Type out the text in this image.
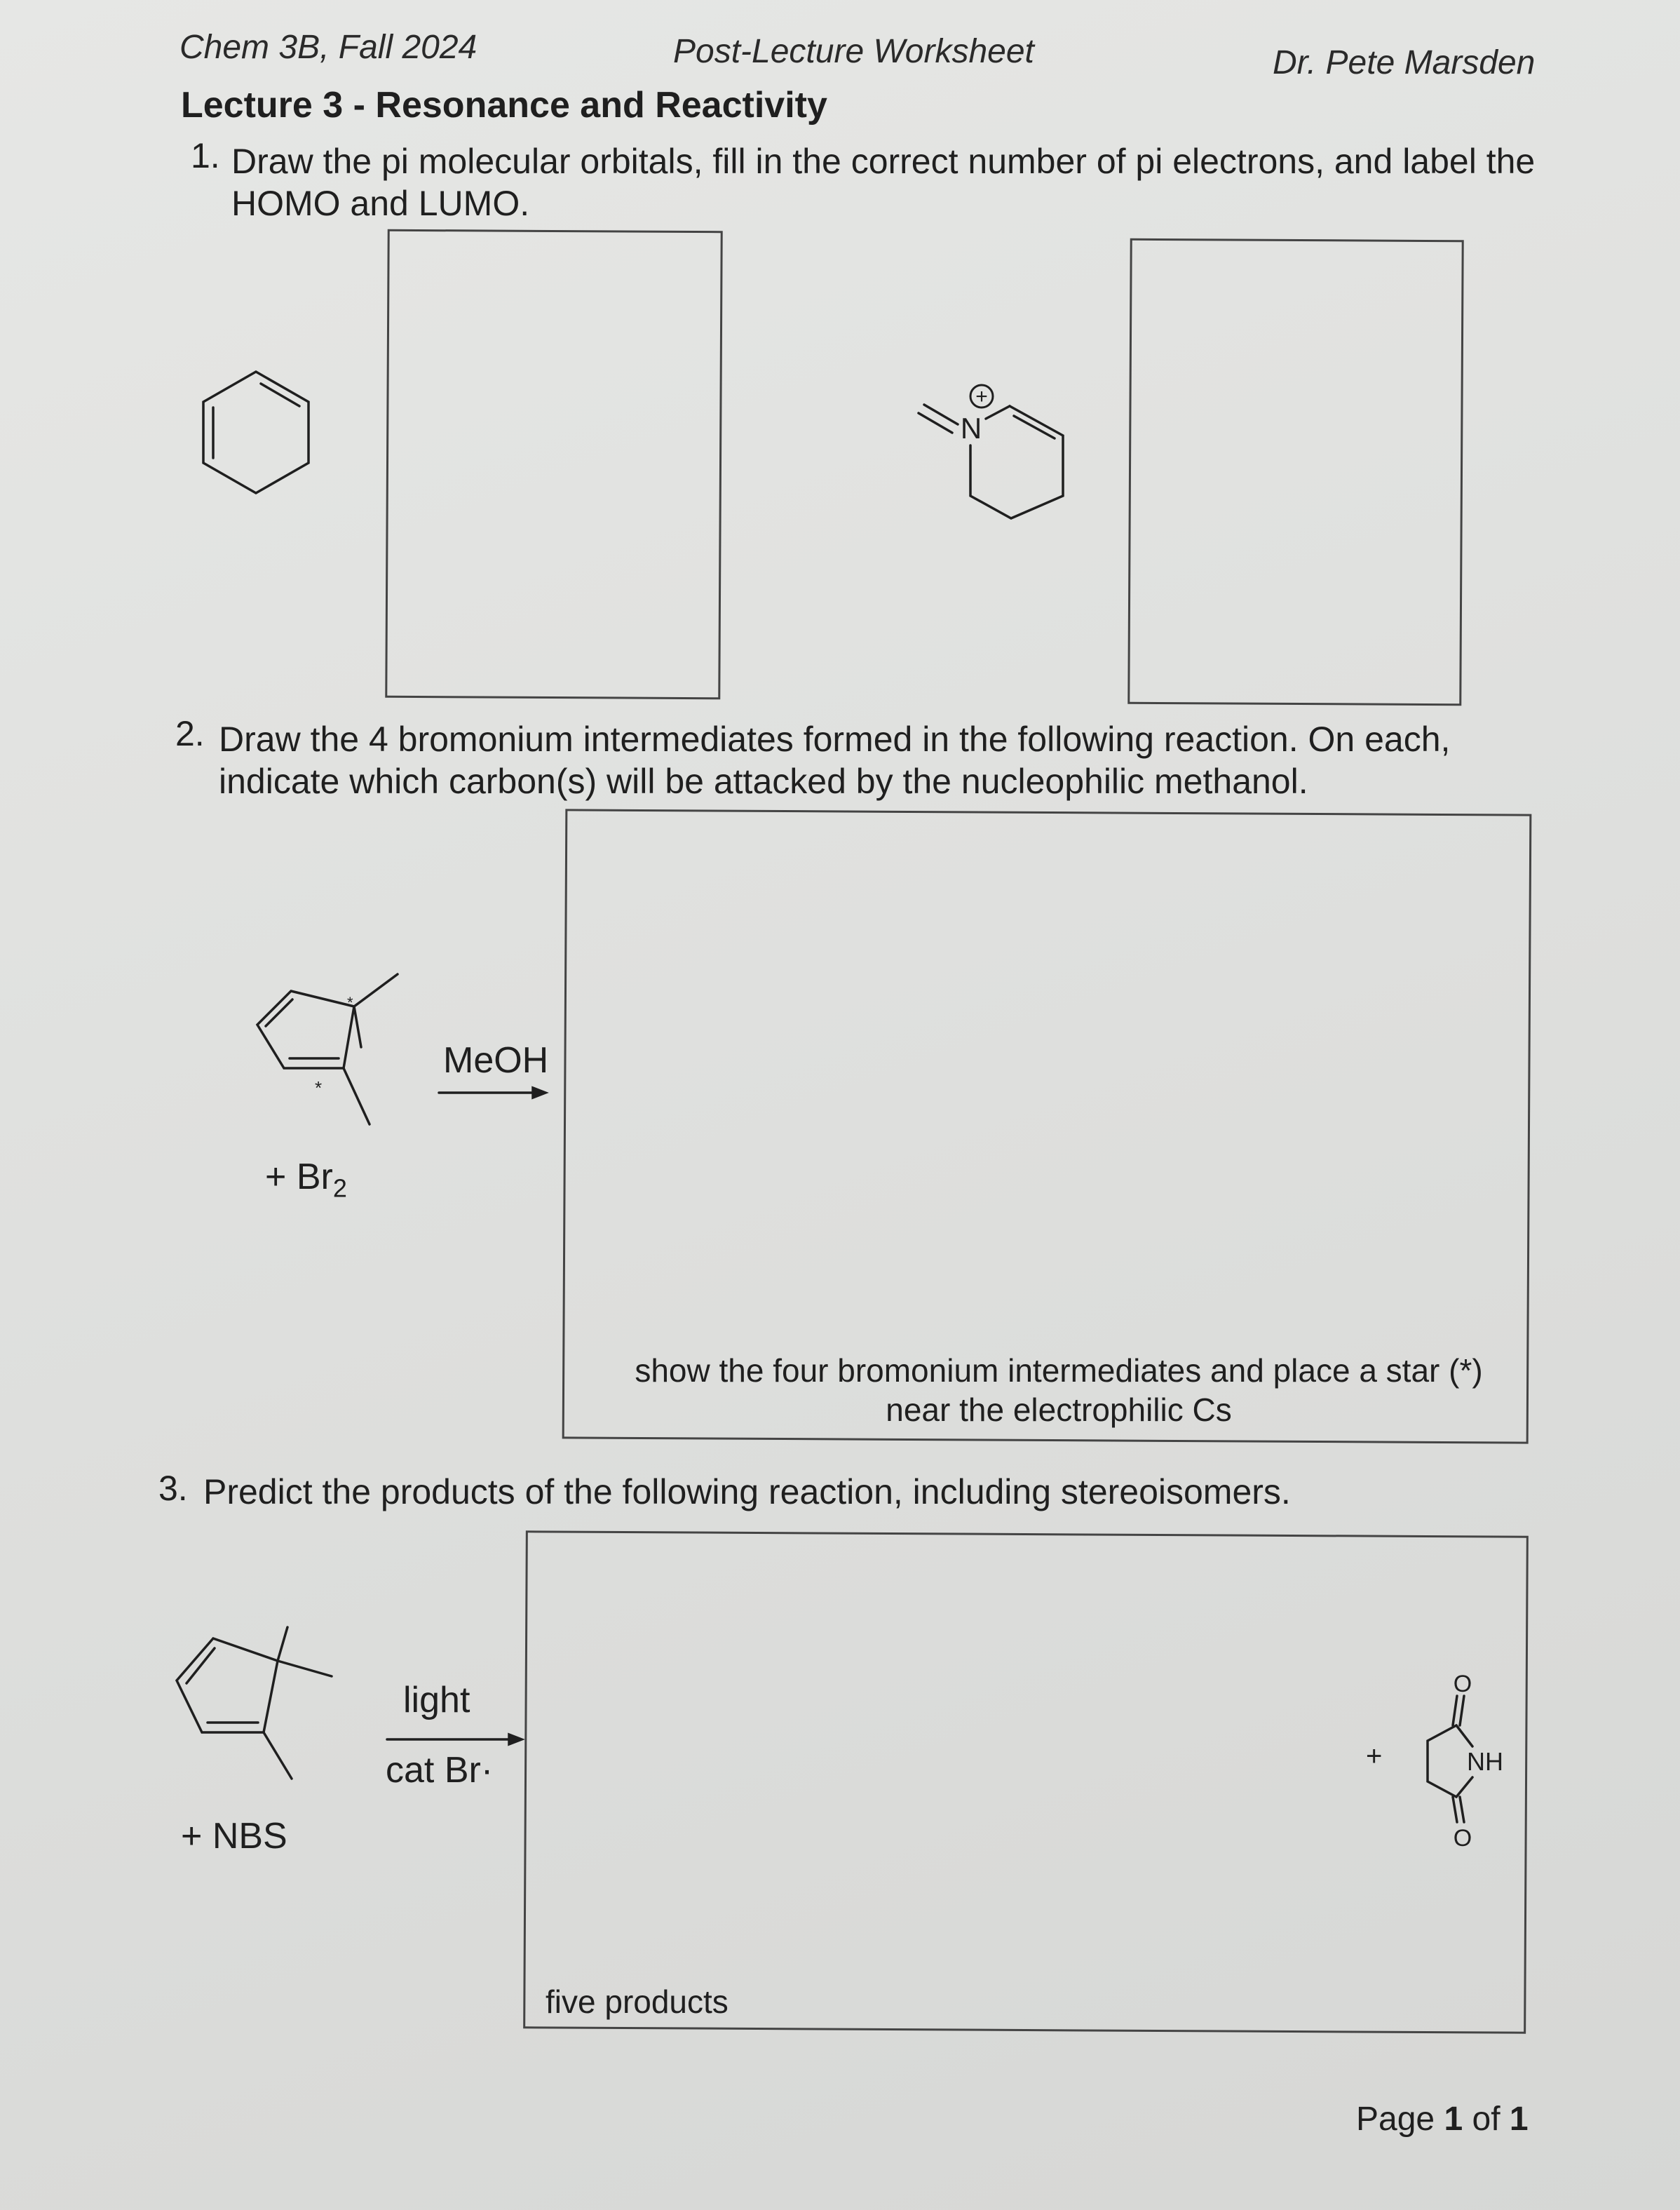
Chem 3B, Fall 2024	Post-Lecture Worksheet	Dr. Pete Marsden
Lecture 3 - Resonance and Reactivity
1. Draw the pi molecular orbitals, fill in the correct number of pi electrons, and label the HOMO and LUMO.
+
N
2. Draw the 4 bromonium intermediates formed in the following reaction. On each, indicate which carbon(s) will be attacked by the nucleophilic methanol.
*
*
MeOH
+ $Br_2$
show the four bromonium intermediates and place a star (*) near the electrophilic Cs
3. Predict the products of the following reaction, including stereoisomers.
light
cat Br·
+ NBS
five products
+
O
NH
O
Page 1 of 1
